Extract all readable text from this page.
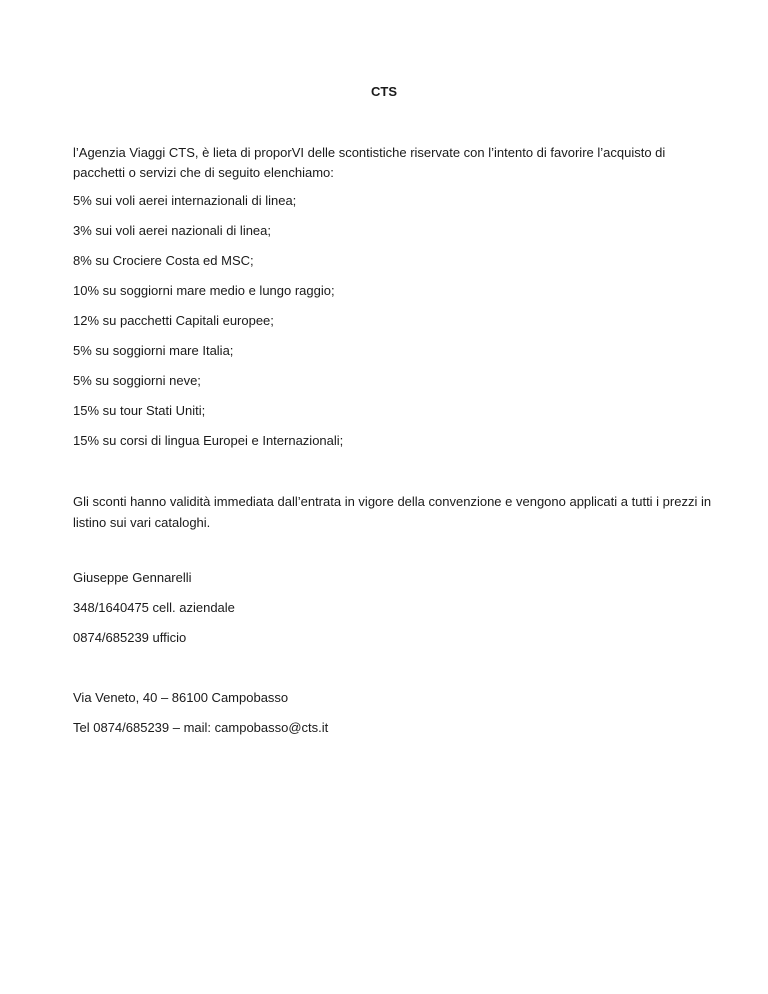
CTS
l’Agenzia Viaggi CTS, è lieta di proporVI delle scontistiche riservate con l’intento di favorire l’acquisto di pacchetti o servizi che di seguito elenchiamo:
5% sui voli aerei internazionali di linea;
3% sui voli aerei nazionali di linea;
8% su Crociere Costa ed MSC;
10% su soggiorni mare medio e lungo raggio;
12% su pacchetti Capitali europee;
5% su soggiorni mare Italia;
5% su soggiorni neve;
15% su tour Stati Uniti;
15% su corsi di lingua Europei e Internazionali;
Gli sconti hanno validità immediata dall’entrata in vigore della convenzione e vengono applicati a tutti i prezzi in listino sui vari cataloghi.
Giuseppe Gennarelli
348/1640475 cell. aziendale
0874/685239 ufficio
Via Veneto, 40 – 86100 Campobasso
Tel 0874/685239 – mail: campobasso@cts.it
